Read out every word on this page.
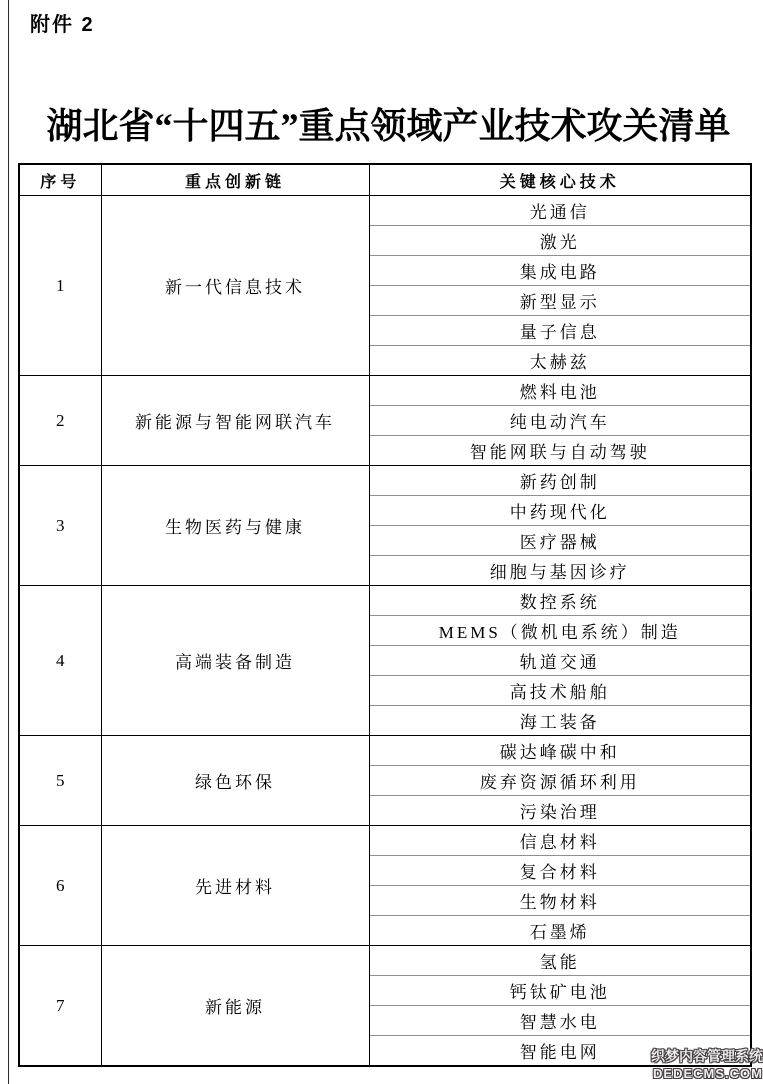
附件 2
湖北省“十四五”重点领域产业技术攻关清单
序号	重点创新链	关键核心技术
1	新一代信息技术	光通信
		激光
		集成电路
		新型显示
		量子信息
		太赫兹
2	新能源与智能网联汽车	燃料电池
		纯电动汽车
		智能网联与自动驾驶
3	生物医药与健康	新药创制
		中药现代化
		医疗器械
		细胞与基因诊疗
4	高端装备制造	数控系统
		MEMS（微机电系统）制造
		轨道交通
		高技术船舶
		海工装备
5	绿色环保	碳达峰碳中和
		废弃资源循环利用
		污染治理
6	先进材料	信息材料
		复合材料
		生物材料
		石墨烯
7	新能源	氢能
		钙钛矿电池
		智慧水电
		智能电网	织梦内容管理系统
DEDECMS.COM
